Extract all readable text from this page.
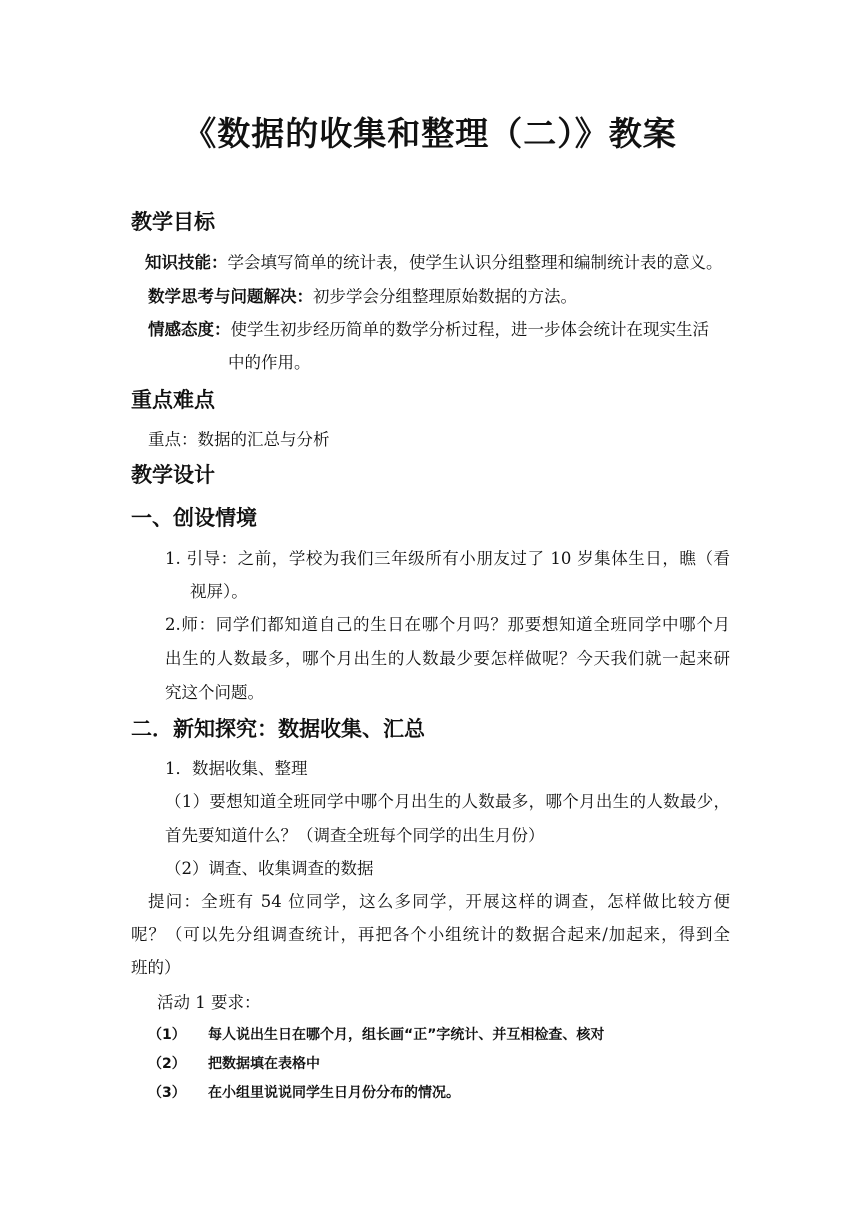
《数据的收集和整理（二）》教案
教学目标
知识技能：学会填写简单的统计表，使学生认识分组整理和编制统计表的意义。
数学思考与问题解决：初步学会分组整理原始数据的方法。
情感态度：使学生初步经历简单的数学分析过程，进一步体会统计在现实生活
中的作用。
重点难点
重点：数据的汇总与分析
教学设计
一、创设情境
1. 引导：之前，学校为我们三年级所有小朋友过了 10 岁集体生日，瞧（看
视屏）。
2.师：同学们都知道自己的生日在哪个月吗？那要想知道全班同学中哪个月
出生的人数最多，哪个月出生的人数最少要怎样做呢？今天我们就一起来研
究这个问题。
二．新知探究：数据收集、汇总
1．数据收集、整理
（1）要想知道全班同学中哪个月出生的人数最多，哪个月出生的人数最少，
首先要知道什么？（调查全班每个同学的出生月份）
（2）调查、收集调查的数据
提问：全班有 54 位同学，这么多同学，开展这样的调查，怎样做比较方便
呢？（可以先分组调查统计，再把各个小组统计的数据合起来/加起来，得到全
班的）
活动 1 要求：
（1） 每人说出生日在哪个月，组长画“正”字统计、并互相检查、核对
（2） 把数据填在表格中
（3） 在小组里说说同学生日月份分布的情况。
